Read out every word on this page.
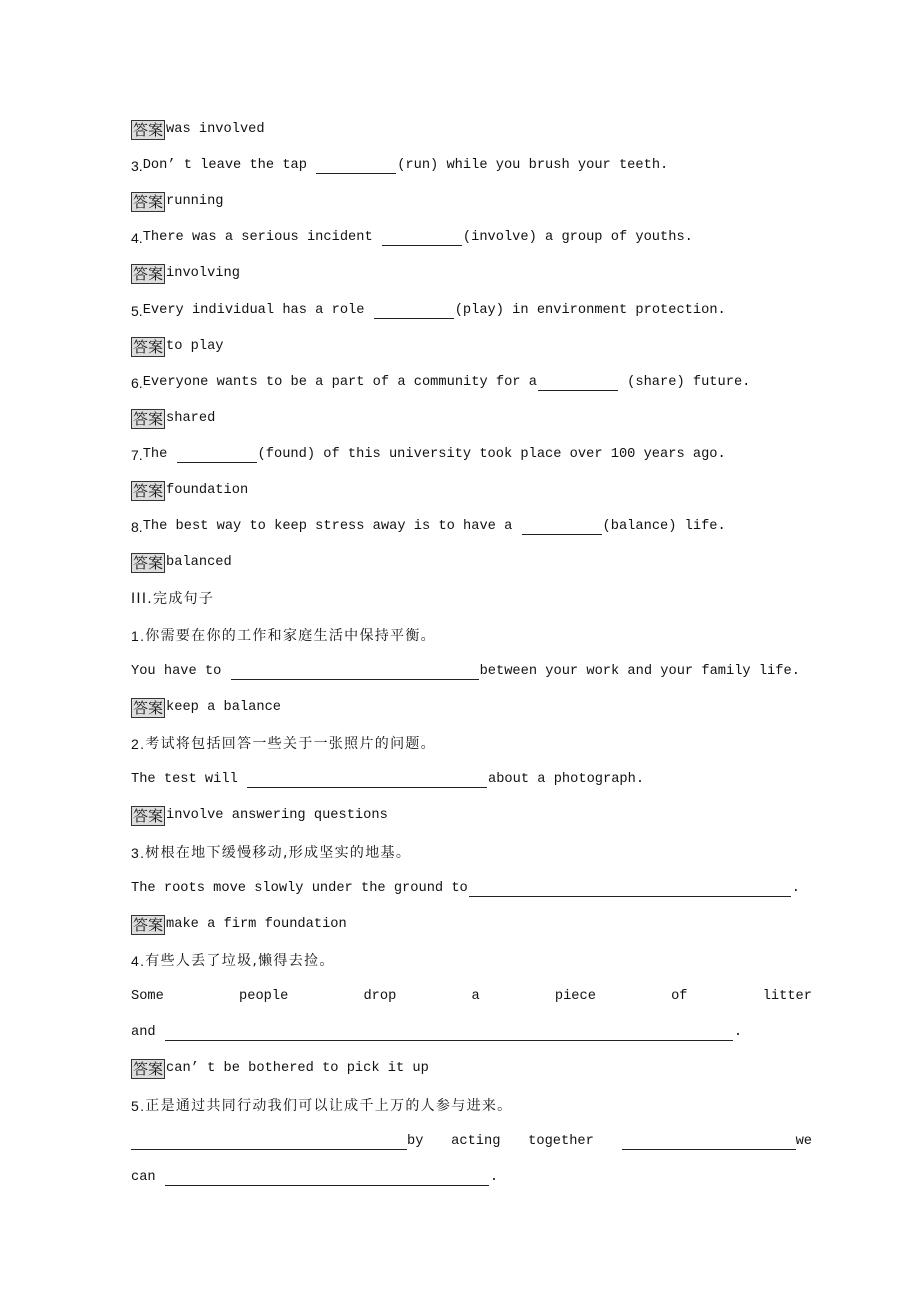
答案 was involved
3. Don’ t leave the tap	(run) while you brush your teeth.
答案 running
4. There was a serious incident	(involve) a group of youths.
答案 involving
5. Every individual has a role	(play) in environment protection.
答案 to play
6. Everyone wants to be a part of a community for a	(share) future.
答案 shared
7. The	(found) of this university took place over 100 years ago.
答案 foundation
8. The best way to keep stress away is to have a	(balance) life.
答案 balanced
III.完成句子
1. 你需要在你的工作和家庭生活中保持平衡。
You have to	between your work and your family life.
答案 keep a balance
2. 考试将包括回答一些关于一张照片的问题。
The test will	about a photograph.
答案 involve answering questions
3. 树根在地下缓慢移动,形成坚实的地基。
The roots move slowly under the ground to	.
答案 make a firm foundation
4. 有些人丢了垃圾,懒得去捡。
Some	people	drop	a	piece	of	litter
and	.
答案 can’ t be bothered to pick it up
5. 正是通过共同行动我们可以让成千上万的人参与进来。
by acting together	we
can	.
